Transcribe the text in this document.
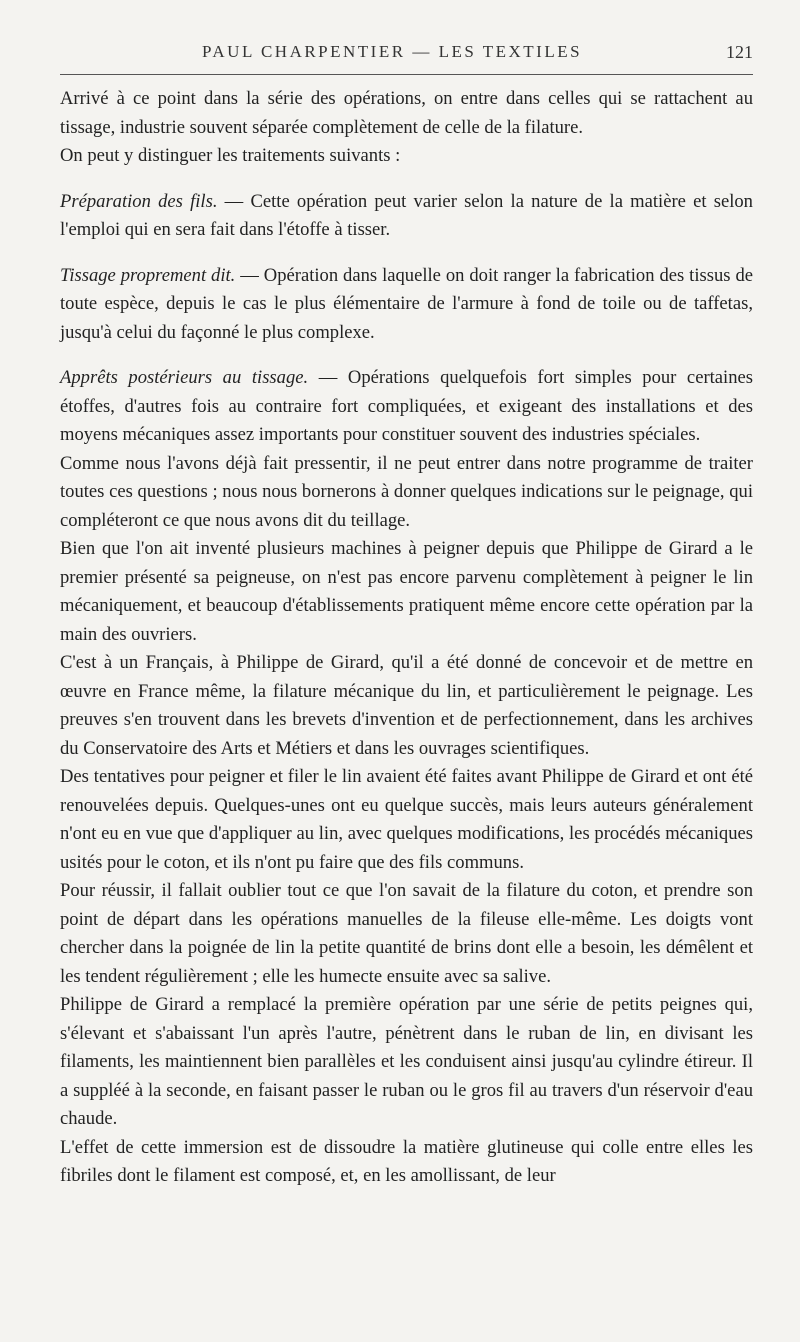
PAUL CHARPENTIER — LES TEXTILES	121

Arrivé à ce point dans la série des opérations, on entre dans celles qui se rattachent au tissage, industrie souvent séparée complètement de celle de la filature.

On peut y distinguer les traitements suivants :

Préparation des fils. — Cette opération peut varier selon la nature de la matière et selon l'emploi qui en sera fait dans l'étoffe à tisser.

Tissage proprement dit. — Opération dans laquelle on doit ranger la fabrication des tissus de toute espèce, depuis le cas le plus élémentaire de l'armure à fond de toile ou de taffetas, jusqu'à celui du façonné le plus complexe.

Apprêts postérieurs au tissage. — Opérations quelquefois fort simples pour certaines étoffes, d'autres fois au contraire fort compliquées, et exigeant des installations et des moyens mécaniques assez importants pour constituer souvent des industries spéciales.

Comme nous l'avons déjà fait pressentir, il ne peut entrer dans notre programme de traiter toutes ces questions ; nous nous bornerons à donner quelques indications sur le peignage, qui compléteront ce que nous avons dit du teillage.

Bien que l'on ait inventé plusieurs machines à peigner depuis que Philippe de Girard a le premier présenté sa peigneuse, on n'est pas encore parvenu complètement à peigner le lin mécaniquement, et beaucoup d'établissements pratiquent même encore cette opération par la main des ouvriers.

C'est à un Français, à Philippe de Girard, qu'il a été donné de concevoir et de mettre en œuvre en France même, la filature mécanique du lin, et particulièrement le peignage. Les preuves s'en trouvent dans les brevets d'invention et de perfectionnement, dans les archives du Conservatoire des Arts et Métiers et dans les ouvrages scientifiques.

Des tentatives pour peigner et filer le lin avaient été faites avant Philippe de Girard et ont été renouvelées depuis. Quelques-unes ont eu quelque succès, mais leurs auteurs généralement n'ont eu en vue que d'appliquer au lin, avec quelques modifications, les procédés mécaniques usités pour le coton, et ils n'ont pu faire que des fils communs.

Pour réussir, il fallait oublier tout ce que l'on savait de la filature du coton, et prendre son point de départ dans les opérations manuelles de la fileuse elle-même. Les doigts vont chercher dans la poignée de lin la petite quantité de brins dont elle a besoin, les démêlent et les tendent régulièrement ; elle les humecte ensuite avec sa salive.

Philippe de Girard a remplacé la première opération par une série de petits peignes qui, s'élevant et s'abaissant l'un après l'autre, pénètrent dans le ruban de lin, en divisant les filaments, les maintiennent bien parallèles et les conduisent ainsi jusqu'au cylindre étireur. Il a suppléé à la seconde, en faisant passer le ruban ou le gros fil au travers d'un réservoir d'eau chaude.

L'effet de cette immersion est de dissoudre la matière glutineuse qui colle entre elles les fibriles dont le filament est composé, et, en les amollissant, de leur
